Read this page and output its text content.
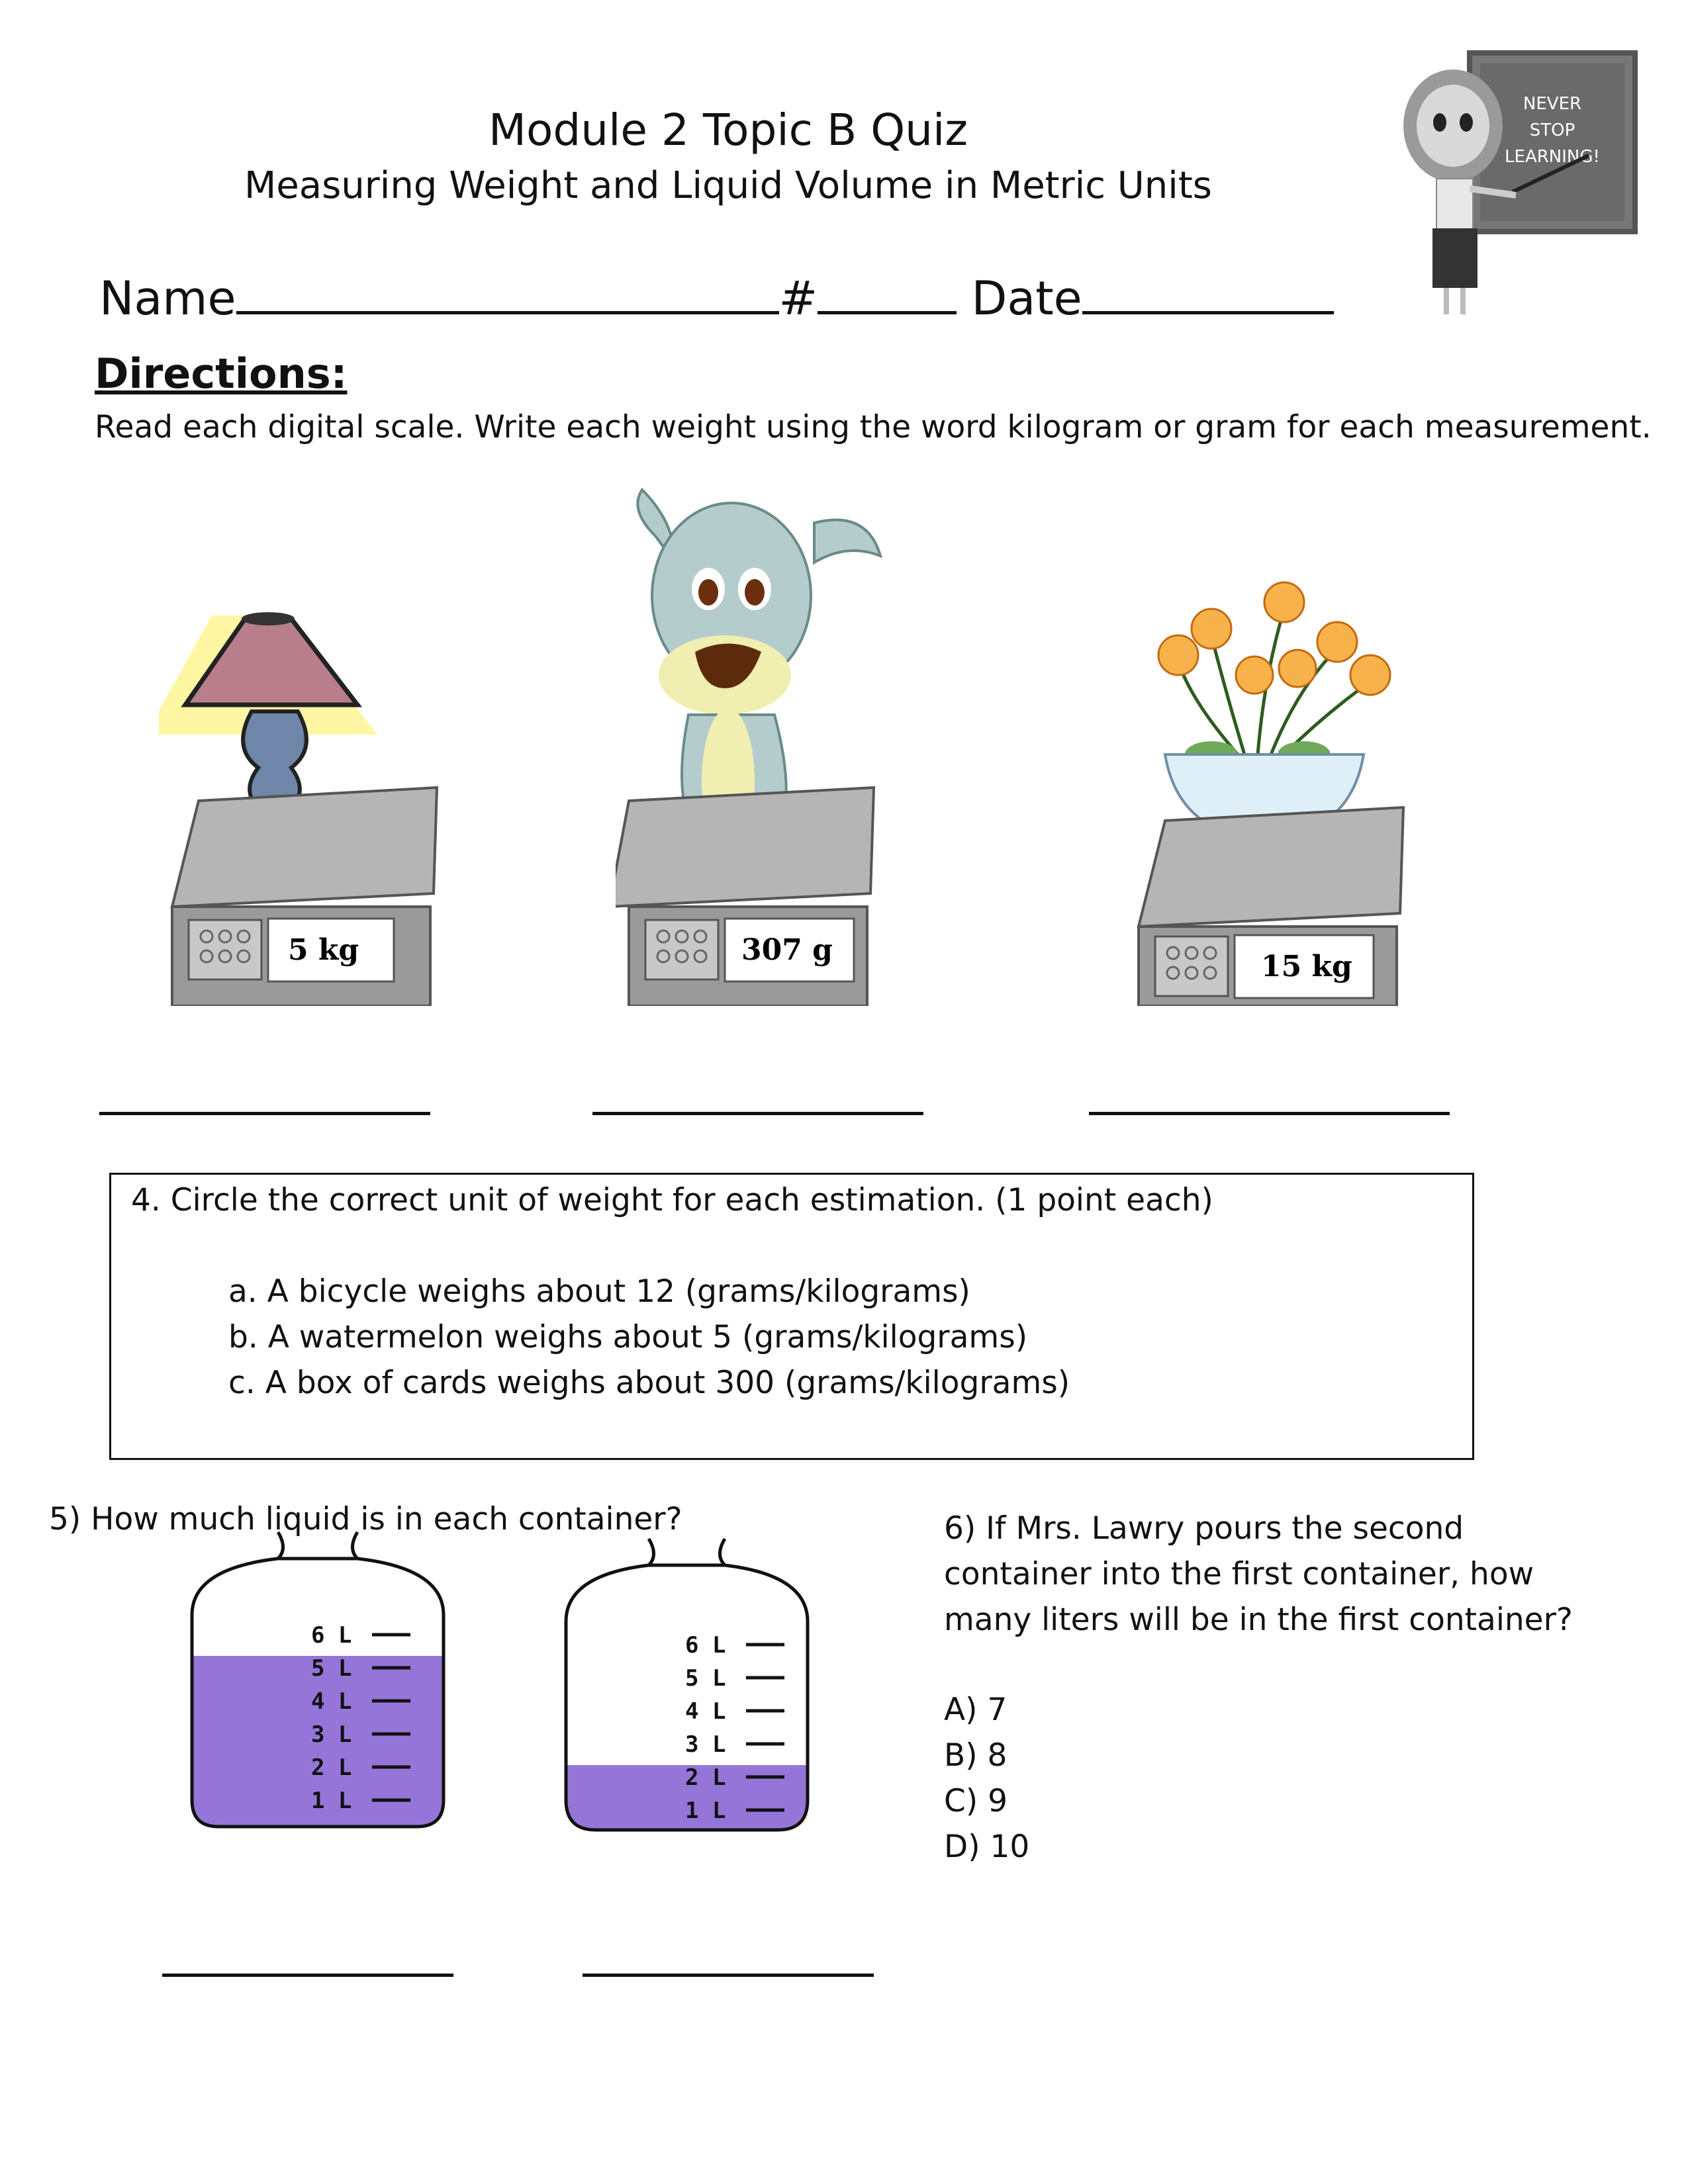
Module 2 Topic B Quiz
Measuring Weight and Liquid Volume in Metric Units
NEVER
STOP
LEARNING!
Name	#	Date
Directions:
Read each digital scale. Write each weight using the word kilogram or gram for each measurement.
5 kg	307 g	15 kg
4. Circle the correct unit of weight for each estimation. (1 point each)
a. A bicycle weighs about 12 (grams/kilograms)
b. A watermelon weighs about 5 (grams/kilograms)
c. A box of cards weighs about 300 (grams/kilograms)
5) How much liquid is in each container?
6 L
5 L
4 L
3 L
2 L
1 L
6 L
5 L
4 L
3 L
2 L
1 L
6) If Mrs. Lawry pours the second
container into the first container, how
many liters will be in the first container?
A) 7
B) 8
C) 9
D) 10
